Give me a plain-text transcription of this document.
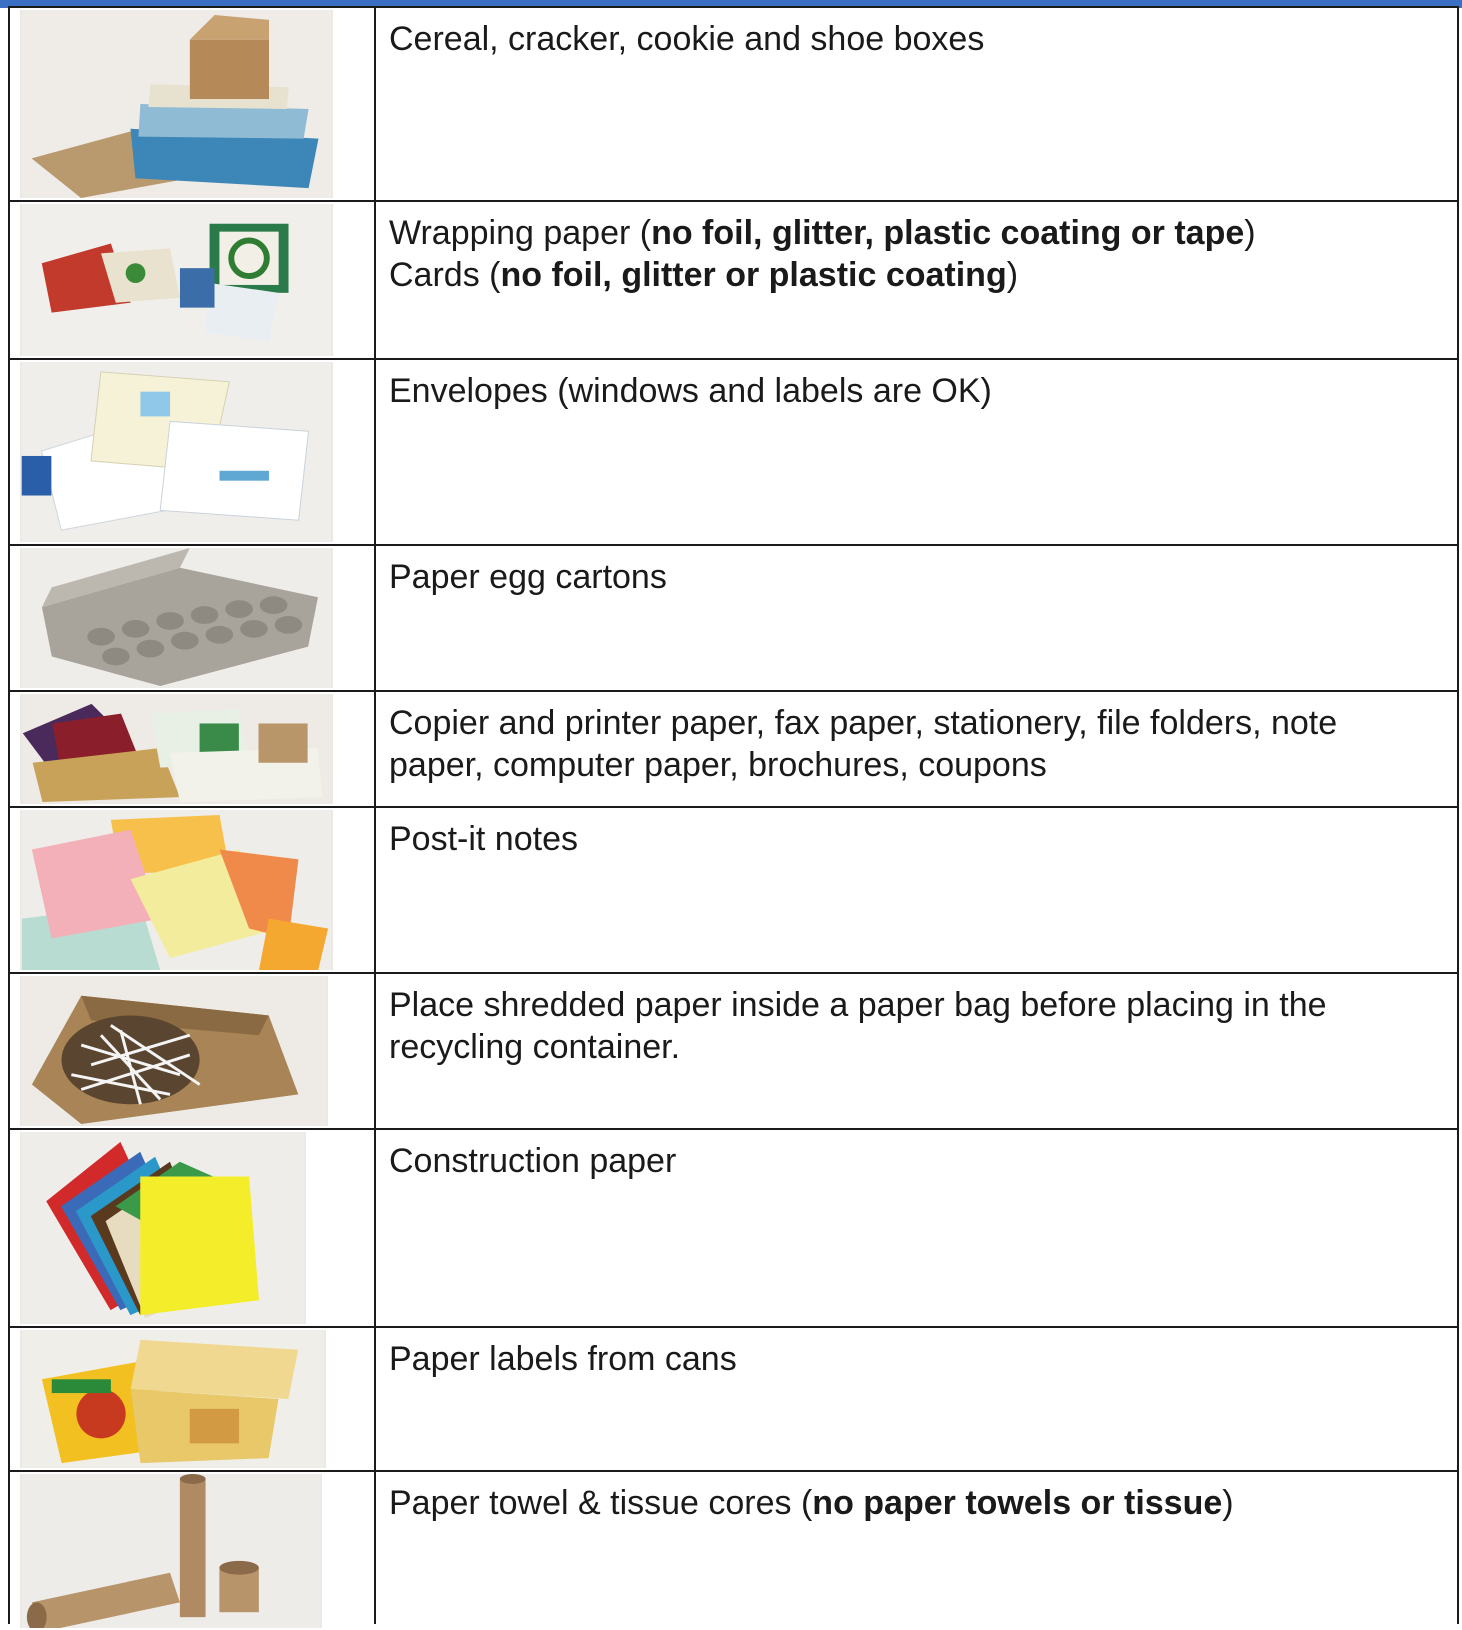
Cereal, cracker, cookie and shoe boxes
Wrapping paper (no foil, glitter, plastic coating or tape)
Cards (no foil, glitter or plastic coating)
Envelopes (windows and labels are OK)
Paper egg cartons
Copier and printer paper, fax paper, stationery, file folders, note
paper, computer paper, brochures, coupons
Post-it notes
Place shredded paper inside a paper bag before placing in the
recycling container.
Construction paper
Paper labels from cans
Paper towel & tissue cores (no paper towels or tissue)
